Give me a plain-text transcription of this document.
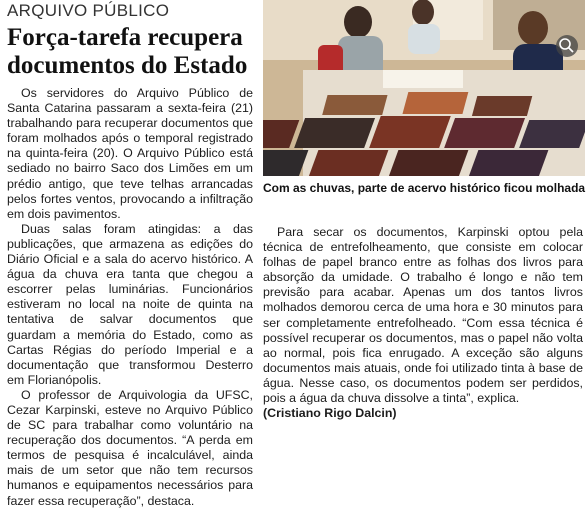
ARQUIVO PÚBLICO
Força-tarefa recupera documentos do Estado

Os servidores do Arquivo Público de Santa Catarina passaram a sexta-feira (21) trabalhando para recuperar documentos que foram molhados após o temporal registrado na quinta-feira (20). O Arquivo Público está sediado no bairro Saco dos Limões em um prédio antigo, que teve telhas arrancadas pelos fortes ventos, provocando a infiltração em dois pavimentos.

Duas salas foram atingidas: a das publicações, que armazena as edições do Diário Oficial e a sala do acervo histórico. A água da chuva era tanta que chegou a escorrer pelas luminárias. Funcionários estiveram no local na noite de quinta na tentativa de salvar documentos que guardam a memória do Estado, como as Cartas Régias do período Imperial e a documentação que transformou Desterro em Florianópolis.

O professor de Arquivologia da UFSC, Cezar Karpinski, esteve no Arquivo Público de SC para trabalhar como voluntário na recuperação dos documentos. “A perda em termos de pesquisa é incalculável, ainda mais de um setor que não tem recursos humanos e equipamentos necessários para fazer essa recuperação”, destaca.

Com as chuvas, parte de acervo histórico ficou molhada

Para secar os documentos, Karpinski optou pela técnica de entrefolheamento, que consiste em colocar folhas de papel branco entre as folhas dos livros para absorção da umidade. O trabalho é longo e não tem previsão para acabar. Apenas um dos tantos livros molhados demorou cerca de uma hora e 30 minutos para ser completamente entrefolheado. “Com essa técnica é possível recuperar os documentos, mas o papel não volta ao normal, pois fica enrugado. A exceção são alguns documentos mais atuais, onde foi utilizado tinta à base de água. Nesse caso, os documentos podem ser perdidos, pois a água da chuva dissolve a tinta”, explica.

(Cristiano Rigo Dalcin)
